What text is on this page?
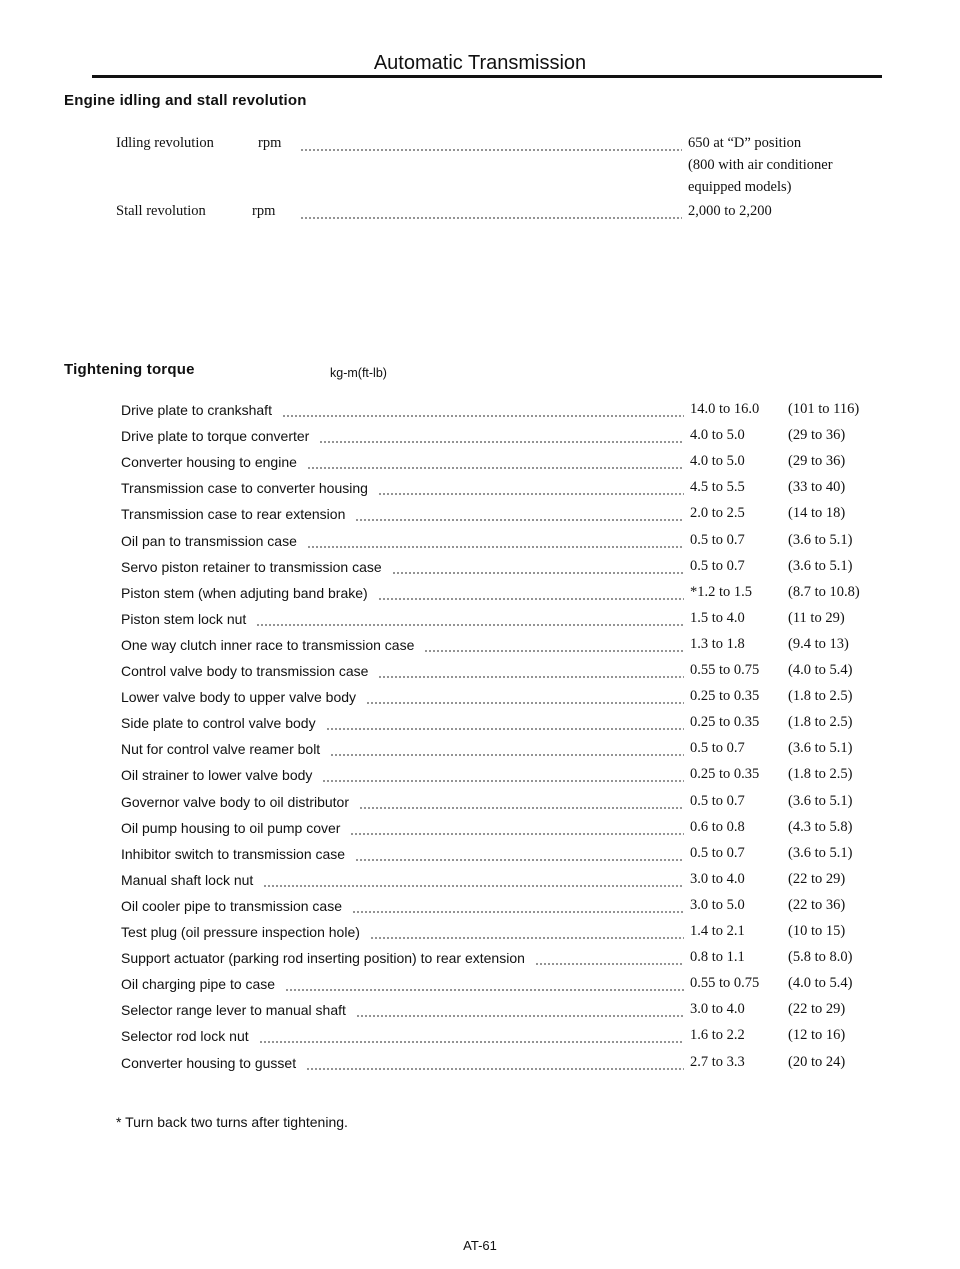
Automatic Transmission
Engine idling and stall revolution
Idling revolution	rpm	650 at “D” position
(800 with air conditioner
equipped models)
Stall revolution	rpm	2,000 to 2,200
Tightening torque	kg-m(ft-lb)
Drive plate to crankshaft	14.0 to 16.0 (101 to 116)
Drive plate to torque converter	4.0 to 5.0	(29 to 36)
Converter housing to engine	4.0 to 5.0	(29 to 36)
Transmission case to converter housing	4.5 to 5.5	(33 to 40)
Transmission case to rear extension	2.0 to 2.5	(14 to 18)
Oil pan to transmission case	0.5 to 0.7	(3.6 to 5.1)
Servo piston retainer to transmission case	0.5 to 0.7	(3.6 to 5.1)
Piston stem (when adjuting band brake)	*1.2 to 1.5 (8.7 to 10.8)
Piston stem lock nut	1.5 to 4.0	(11 to 29)
One way clutch inner race to transmission case	1.3 to 1.8	(9.4 to 13)
Control valve body to transmission case	0.55 to 0.75 (4.0 to 5.4)
Lower valve body to upper valve body	0.25 to 0.35 (1.8 to 2.5)
Side plate to control valve body	0.25 to 0.35 (1.8 to 2.5)
Nut for control valve reamer bolt	0.5 to 0.7	(3.6 to 5.1)
Oil strainer to lower valve body	0.25 to 0.35 (1.8 to 2.5)
Governor valve body to oil distributor	0.5 to 0.7	(3.6 to 5.1)
Oil pump housing to oil pump cover	0.6 to 0.8	(4.3 to 5.8)
Inhibitor switch to transmission case	0.5 to 0.7	(3.6 to 5.1)
Manual shaft lock nut	3.0 to 4.0	(22 to 29)
Oil cooler pipe to transmission case	3.0 to 5.0	(22 to 36)
Test plug (oil pressure inspection hole)	1.4 to 2.1	(10 to 15)
Support actuator (parking rod inserting position) to rear extension	0.8 to 1.1	(5.8 to 8.0)
Oil charging pipe to case	0.55 to 0.75 (4.0 to 5.4)
Selector range lever to manual shaft	3.0 to 4.0	(22 to 29)
Selector rod lock nut	1.6 to 2.2	(12 to 16)
Converter housing to gusset	2.7 to 3.3	(20 to 24)
* Turn back two turns after tightening.
AT-61
